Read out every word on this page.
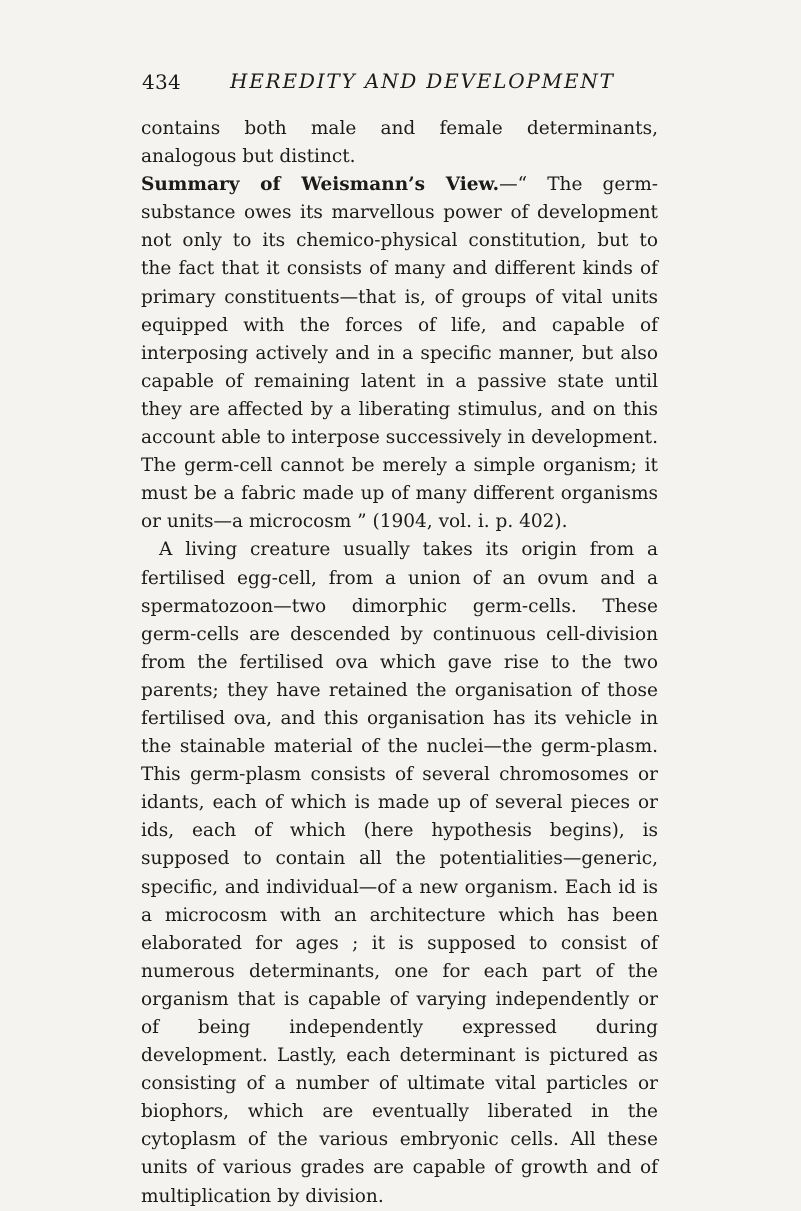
434 HEREDITY AND DEVELOPMENT

contains both male and female determinants, analogous but distinct.

Summary of Weismann’s View.—“ The germ-substance owes its marvellous power of development not only to its chemico-physical constitution, but to the fact that it consists of many and different kinds of primary constituents—that is, of groups of vital units equipped with the forces of life, and capable of interposing actively and in a specific manner, but also capable of remaining latent in a passive state until they are affected by a liberating stimulus, and on this account able to interpose successively in development. The germ-cell cannot be merely a simple organism; it must be a fabric made up of many different organisms or units—a microcosm ” (1904, vol. i. p. 402).

A living creature usually takes its origin from a fertilised egg-cell, from a union of an ovum and a spermatozoon—two dimorphic germ-cells. These germ-cells are descended by continuous cell-division from the fertilised ova which gave rise to the two parents; they have retained the organisation of those fertilised ova, and this organisation has its vehicle in the stainable material of the nuclei—the germ-plasm. This germ-plasm consists of several chromosomes or idants, each of which is made up of several pieces or ids, each of which (here hypothesis begins), is supposed to contain all the potentialities—generic, specific, and individual—of a new organism. Each id is a microcosm with an architecture which has been elaborated for ages ; it is supposed to consist of numerous determinants, one for each part of the organism that is capable of varying independently or of being independently expressed during development. Lastly, each determinant is pictured as consisting of a number of ultimate vital particles or biophors, which are eventually liberated in the cytoplasm of the various embryonic cells. All these units of various grades are capable of growth and of multiplication by division.
